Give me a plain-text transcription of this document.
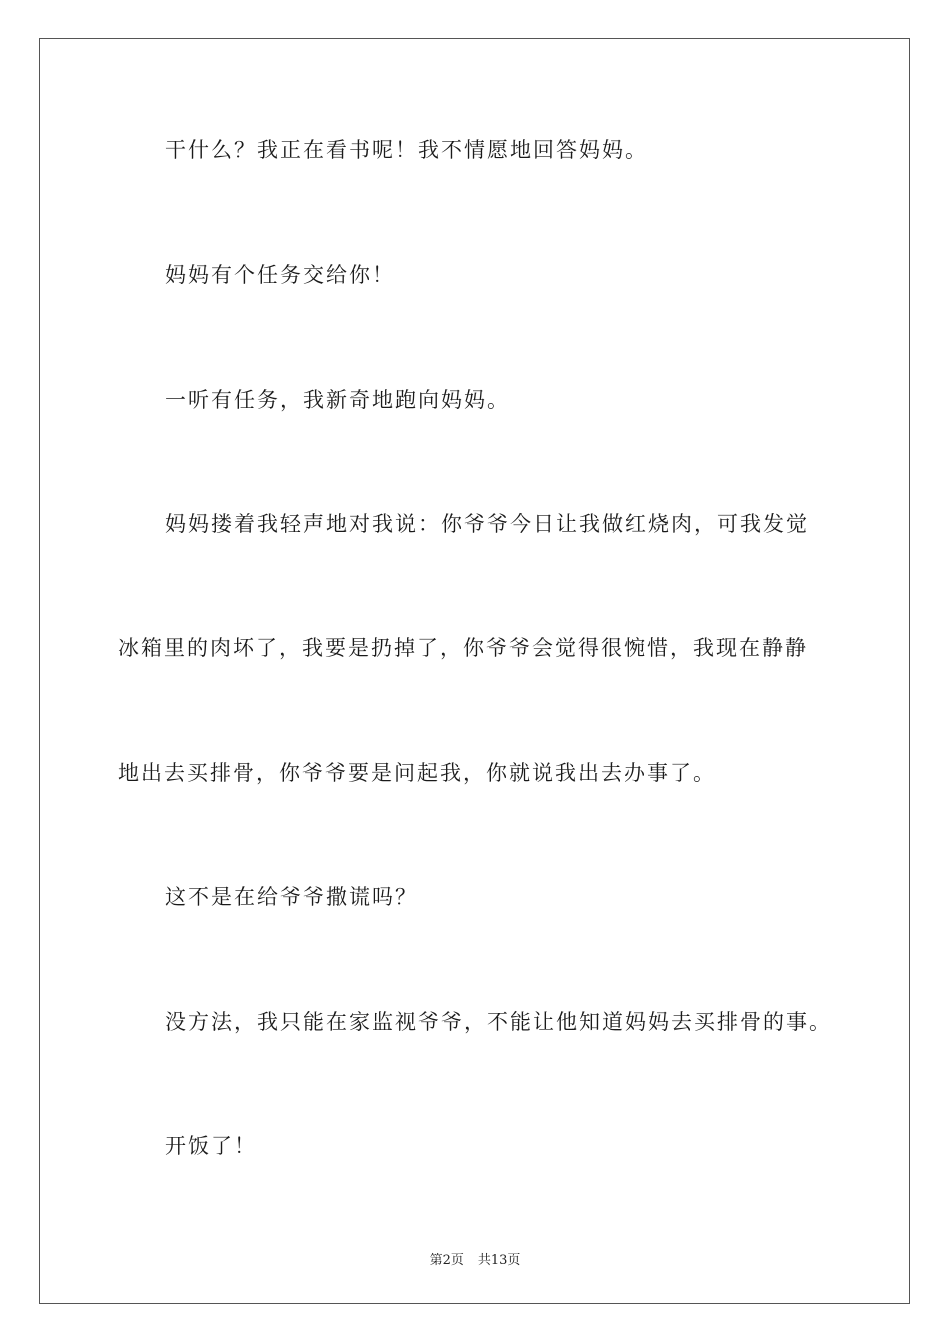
干什么？我正在看书呢！我不情愿地回答妈妈。
妈妈有个任务交给你！
一听有任务，我新奇地跑向妈妈。
妈妈搂着我轻声地对我说：你爷爷今日让我做红烧肉，可我发觉
冰箱里的肉坏了，我要是扔掉了，你爷爷会觉得很惋惜，我现在静静
地出去买排骨，你爷爷要是问起我，你就说我出去办事了。
这不是在给爷爷撒谎吗？
没方法，我只能在家监视爷爷，不能让他知道妈妈去买排骨的事。
开饭了！
第2页 共13页
